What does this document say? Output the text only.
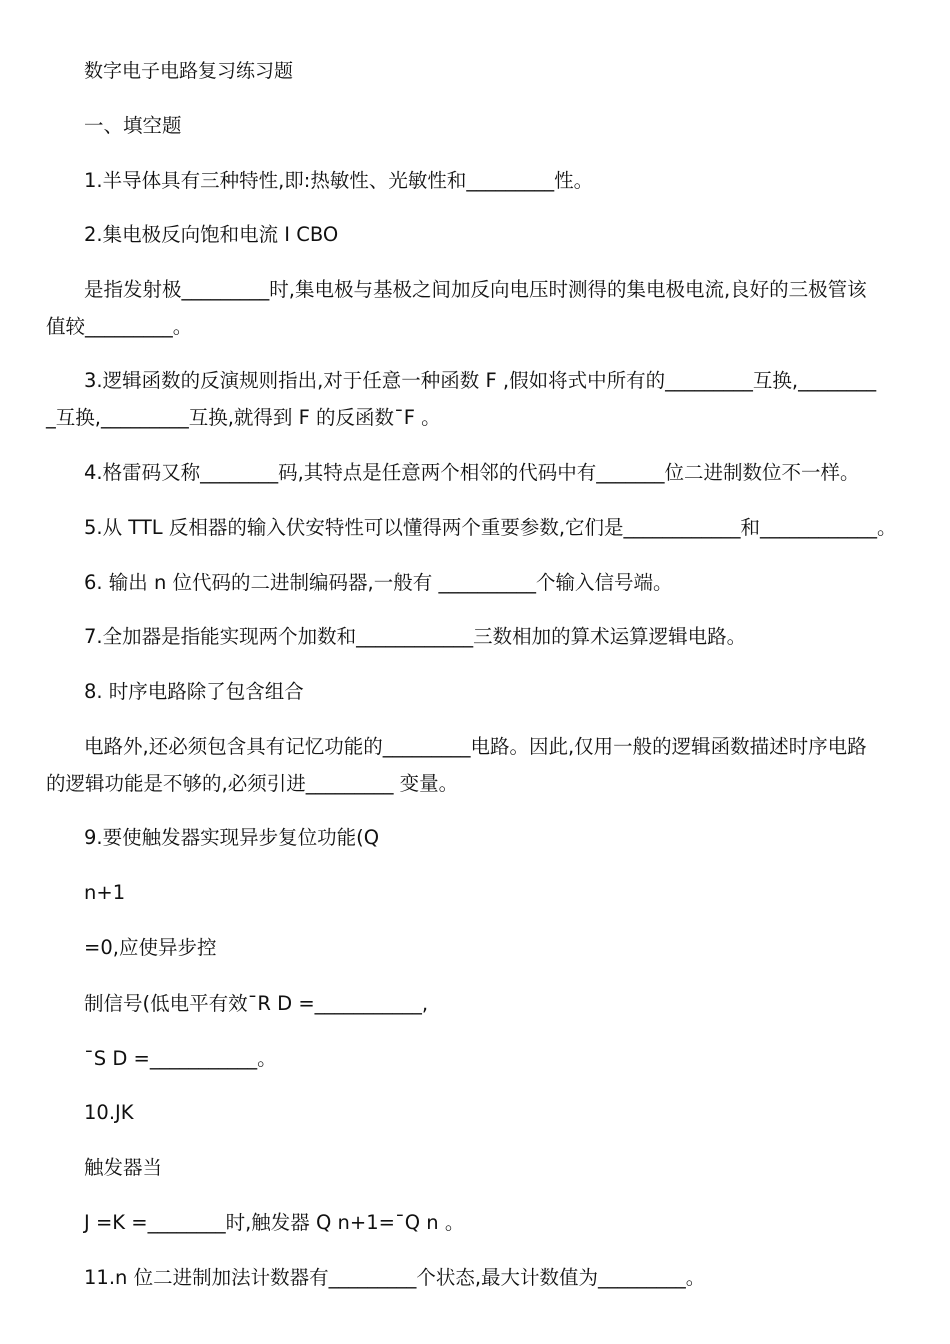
数字电子电路复习练习题
一、填空题
1.半导体具有三种特性,即:热敏性、光敏性和_________性。
2.集电极反向饱和电流 I CBO
是指发射极_________时,集电极与基极之间加反向电压时测得的集电极电流,良好的三极管该
值较_________。
3.逻辑函数的反演规则指出,对于任意一种函数 F ,假如将式中所有的_________互换,________
_互换,_________互换,就得到 F 的反函数¯F 。
4.格雷码又称________码,其特点是任意两个相邻的代码中有_______位二进制数位不一样。
5.从 TTL 反相器的输入伏安特性可以懂得两个重要参数,它们是____________和____________。
6. 输出 n 位代码的二进制编码器,一般有 __________个输入信号端。
7.全加器是指能实现两个加数和____________三数相加的算术运算逻辑电路。
8. 时序电路除了包含组合
电路外,还必须包含具有记忆功能的_________电路。因此,仅用一般的逻辑函数描述时序电路
的逻辑功能是不够的,必须引进_________ 变量。
9.要使触发器实现异步复位功能(Q
n+1
=0,应使异步控
制信号(低电平有效¯R D =___________,
¯S D =___________。
10.JK
触发器当
J =K =________时,触发器 Q n+1=¯Q n 。
11.n 位二进制加法计数器有_________个状态,最大计数值为_________。
